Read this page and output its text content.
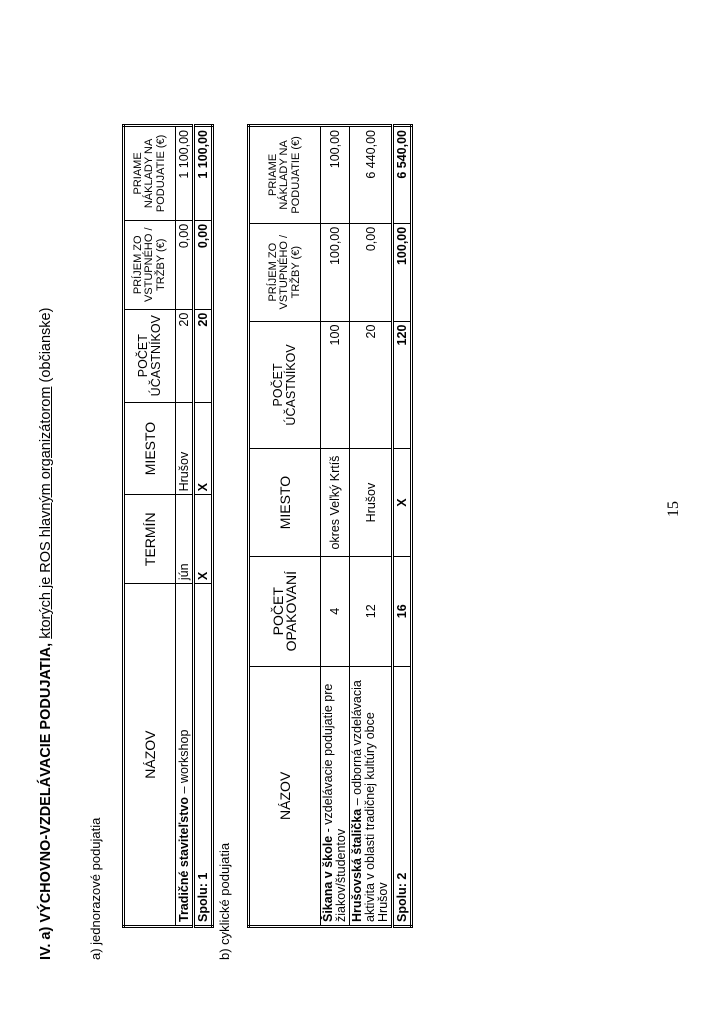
IV. a) VÝCHOVNO-VZDELÁVACIE PODUJATIA, ktorých je ROS hlavným organizátorom (občianske)
a) jednorazové podujatia
NÁZOV	TERMÍN	MIESTO	POČET ÚČASTNÍKOV	PRÍJEM ZO VSTUPNÉHO / TRŽBY (€)	PRIAME NÁKLADY NA PODUJATIE (€)
Tradičné staviteľstvo – workshop	jún	Hrušov	20	0,00	1 100,00
Spolu: 1	X	X	20	0,00	1 100,00
b) cyklické podujatia
NÁZOV	POČET OPAKOVANÍ	MIESTO	POČET ÚČASTNÍKOV	PRÍJEM ZO VSTUPNÉHO / TRŽBY (€)	PRIAME NÁKLADY NA PODUJATIE (€)
Šikana v škole - vzdelávacie podujatie pre žiakov/študentov	4	okres Veľký Krtíš	100	100,00	100,00
Hrušovská štalička – odborná vzdelávacia aktivita v oblasti tradičnej kultúry obce Hrušov	12	Hrušov	20	0,00	6 440,00
Spolu: 2	16	X	120	100,00	6 540,00
15
